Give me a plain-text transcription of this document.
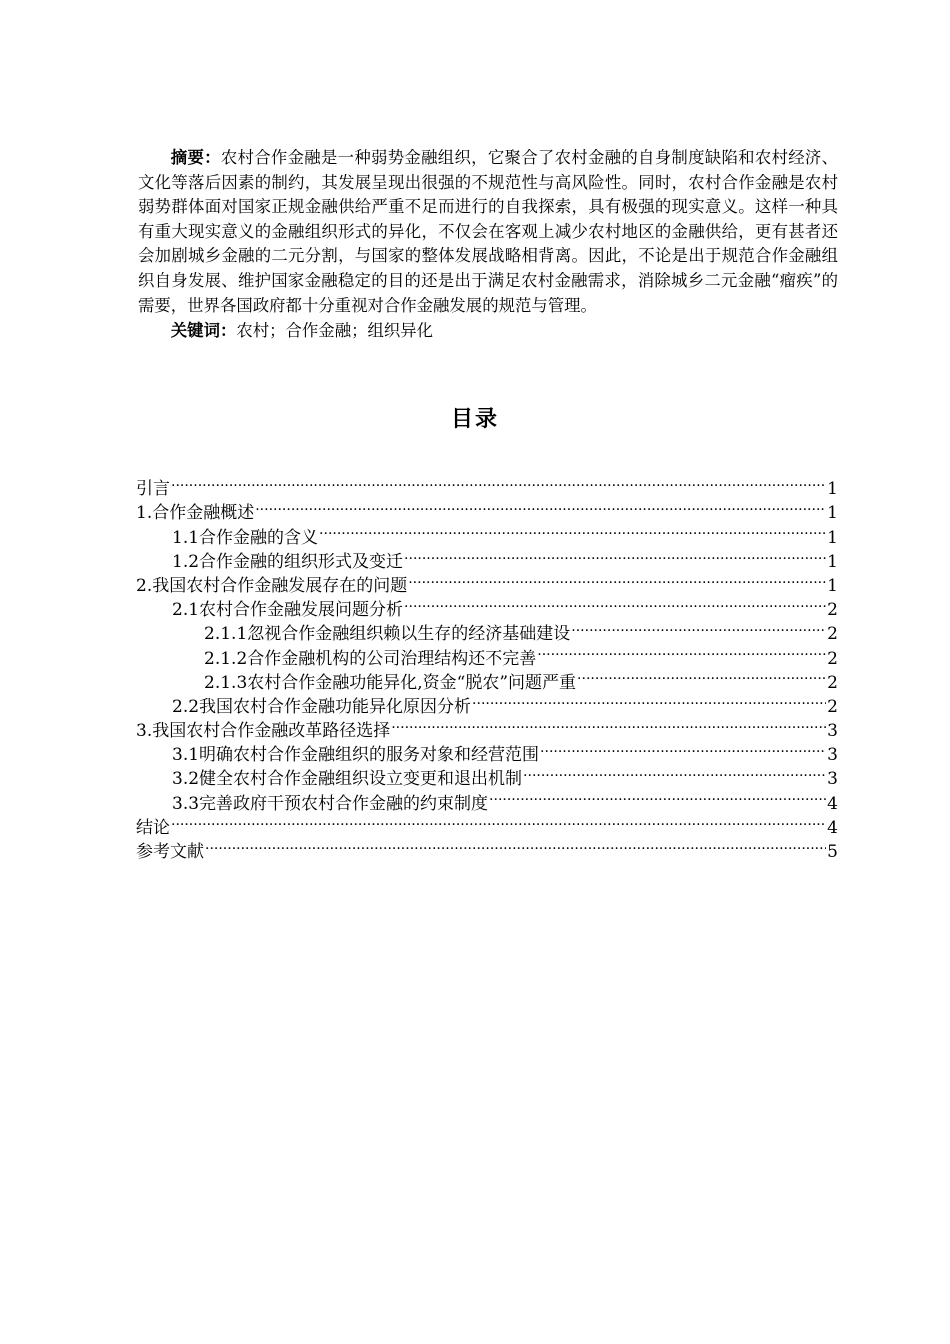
摘要：农村合作金融是一种弱势金融组织，它聚合了农村金融的自身制度缺陷和农村经济、文化等落后因素的制约，其发展呈现出很强的不规范性与高风险性。同时，农村合作金融是农村弱势群体面对国家正规金融供给严重不足而进行的自我探索，具有极强的现实意义。这样一种具有重大现实意义的金融组织形式的异化，不仅会在客观上减少农村地区的金融供给，更有甚者还会加剧城乡金融的二元分割，与国家的整体发展战略相背离。因此，不论是出于规范合作金融组织自身发展、维护国家金融稳定的目的还是出于满足农村金融需求，消除城乡二元金融“瘤疾”的需要，世界各国政府都十分重视对合作金融发展的规范与管理。

关键词：农村；合作金融；组织异化

目录
引言 .....	1
1.合作金融概述 .....	1
1.1合作金融的含义 .....	1
1.2合作金融的组织形式及变迁 .....	1
2.我国农村合作金融发展存在的问题 .....	1
2.1农村合作金融发展问题分析 .....	2
2.1.1忽视合作金融组织赖以生存的经济基础建设 .....	2
2.1.2合作金融机构的公司治理结构还不完善 .....	2
2.1.3农村合作金融功能异化,资金“脱农”问题严重 .....	2
2.2我国农村合作金融功能异化原因分析 .....	2
3.我国农村合作金融改革路径选择 .....	3
3.1明确农村合作金融组织的服务对象和经营范围 .....	3
3.2健全农村合作金融组织设立变更和退出机制 .....	3
3.3完善政府干预农村合作金融的约束制度 .....	4
结论 .....	4
参考文献 .....	5
